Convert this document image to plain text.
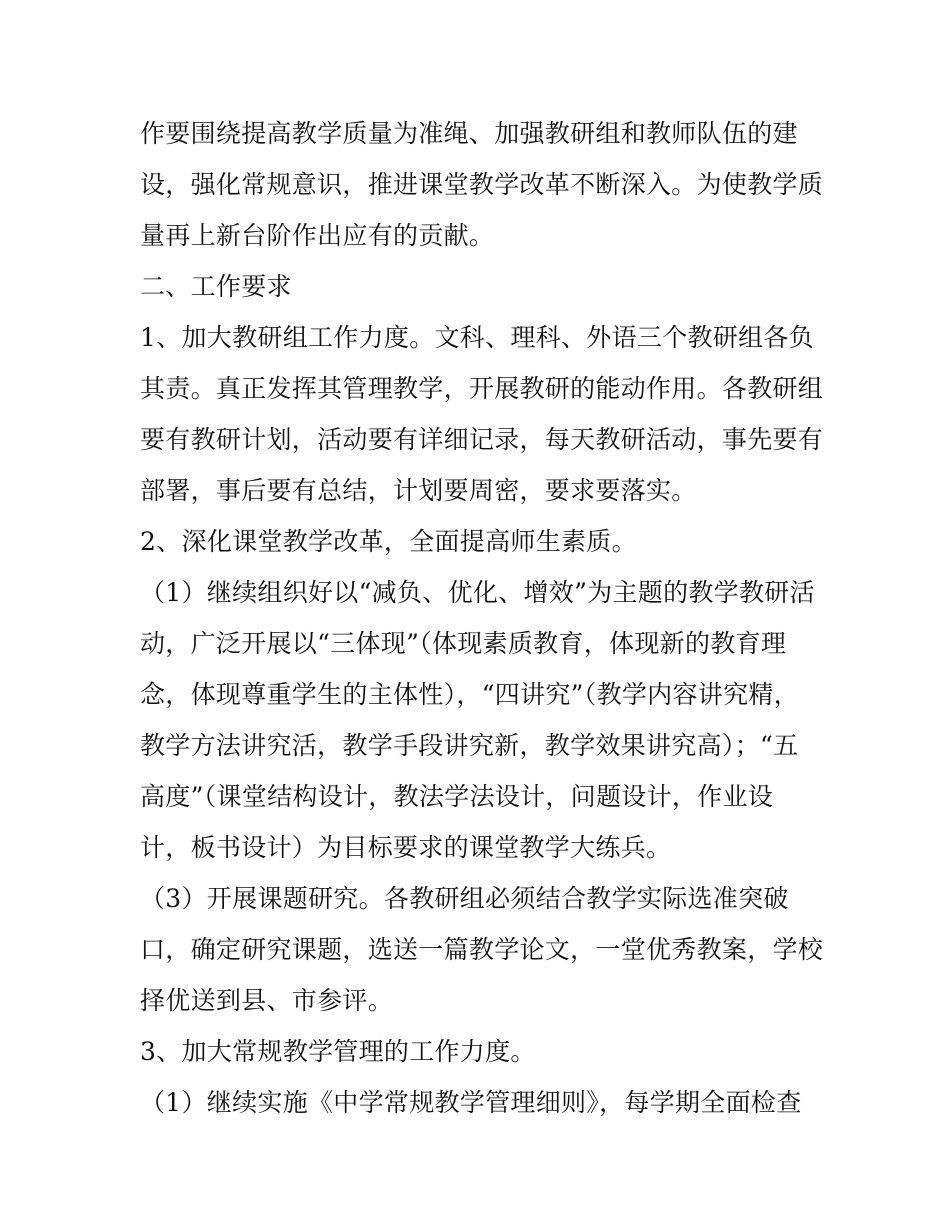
作要围绕提高教学质量为准绳、加强教研组和教师队伍的建
设，强化常规意识，推进课堂教学改革不断深入。为使教学质
量再上新台阶作出应有的贡献。
二、工作要求
1、加大教研组工作力度。文科、理科、外语三个教研组各负
其责。真正发挥其管理教学，开展教研的能动作用。各教研组
要有教研计划，活动要有详细记录，每天教研活动，事先要有
部署，事后要有总结，计划要周密，要求要落实。
2、深化课堂教学改革，全面提高师生素质。
（1）继续组织好以“减负、优化、增效”为主题的教学教研活
动，广泛开展以“三体现”（体现素质教育，体现新的教育理
念，体现尊重学生的主体性），“四讲究”（教学内容讲究精，
教学方法讲究活，教学手段讲究新，教学效果讲究高）；“五
高度”（课堂结构设计，教法学法设计，问题设计，作业设
计，板书设计）为目标要求的课堂教学大练兵。
（3）开展课题研究。各教研组必须结合教学实际选准突破
口，确定研究课题，选送一篇教学论文，一堂优秀教案，学校
择优送到县、市参评。
3、加大常规教学管理的工作力度。
（1）继续实施《中学常规教学管理细则》，每学期全面检查
